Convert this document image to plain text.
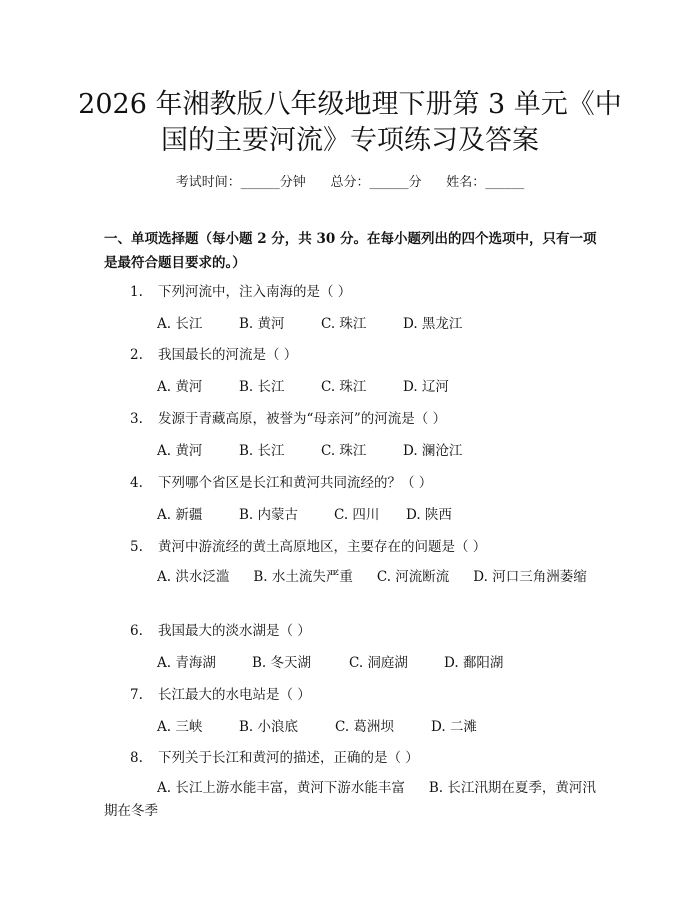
2026 年湘教版八年级地理下册第 3 单元《中
国的主要河流》专项练习及答案
考试时间：______分钟      总分：______分      姓名：______

一、单项选择题（每小题 2 分，共 30 分。在每小题列出的四个选项中，只有一项

是最符合题目要求的。）

1. 下列河流中，注入南海的是（ ）
A. 长江	B. 黄河	C. 珠江	D. 黑龙江
2. 我国最长的河流是（ ）
A. 黄河	B. 长江	C. 珠江	D. 辽河
3. 发源于青藏高原，被誉为“母亲河”的河流是（ ）
A. 黄河	B. 长江	C. 珠江	D. 澜沧江
4. 下列哪个省区是长江和黄河共同流经的？（ ）
A. 新疆	B. 内蒙古	C. 四川 D. 陕西
5. 黄河中游流经的黄土高原地区，主要存在的问题是（ ）
A. 洪水泛滥 B. 水土流失严重 C. 河流断流 D. 河口三角洲萎缩
6. 我国最大的淡水湖是（ ）
A. 青海湖	B. 冬天湖	C. 洞庭湖	D. 鄱阳湖
7. 长江最大的水电站是（ ）
A. 三峡	B. 小浪底	C. 葛洲坝	D. 二滩
8. 下列关于长江和黄河的描述，正确的是（ ）
A. 长江上游水能丰富，黄河下游水能丰富 B. 长江汛期在夏季，黄河汛期在冬季
